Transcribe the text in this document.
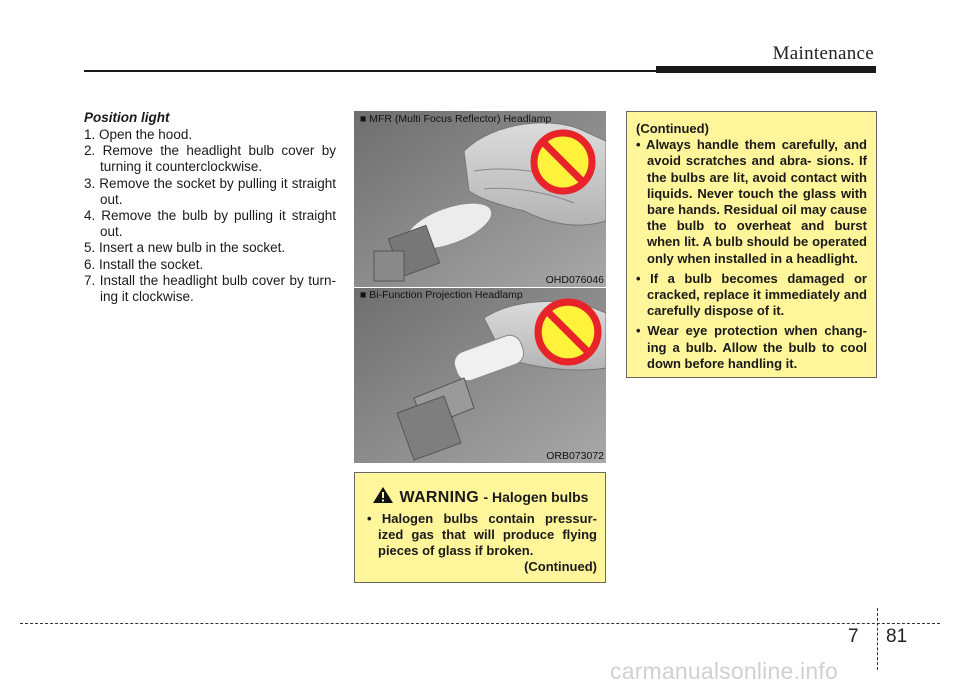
Maintenance
Position light
1. Open the hood.
2. Remove the headlight bulb cover by turning it counterclockwise.
3. Remove the socket by pulling it straight out.
4. Remove the bulb by pulling it straight out.
5. Insert a new bulb in the socket.
6. Install the socket.
7. Install the headlight bulb cover by turn- ing it clockwise.
■ MFR (Multi Focus Reflector) Headlamp
OHD076046
■ Bi-Function Projection Headlamp
ORB073072
WARNING - Halogen bulbs
• Halogen bulbs contain pressur- ized gas that will produce flying pieces of glass if broken.
(Continued)
(Continued)
• Always handle them carefully, and avoid scratches and abra- sions. If the bulbs are lit, avoid contact with liquids. Never touch the glass with bare hands. Residual oil may cause the bulb to overheat and burst when lit. A bulb should be operated only when installed in a headlight.
• If a bulb becomes damaged or cracked, replace it immediately and carefully dispose of it.
• Wear eye protection when chang- ing a bulb. Allow the bulb to cool down before handling it.
7 81
carmanualsonline.info
